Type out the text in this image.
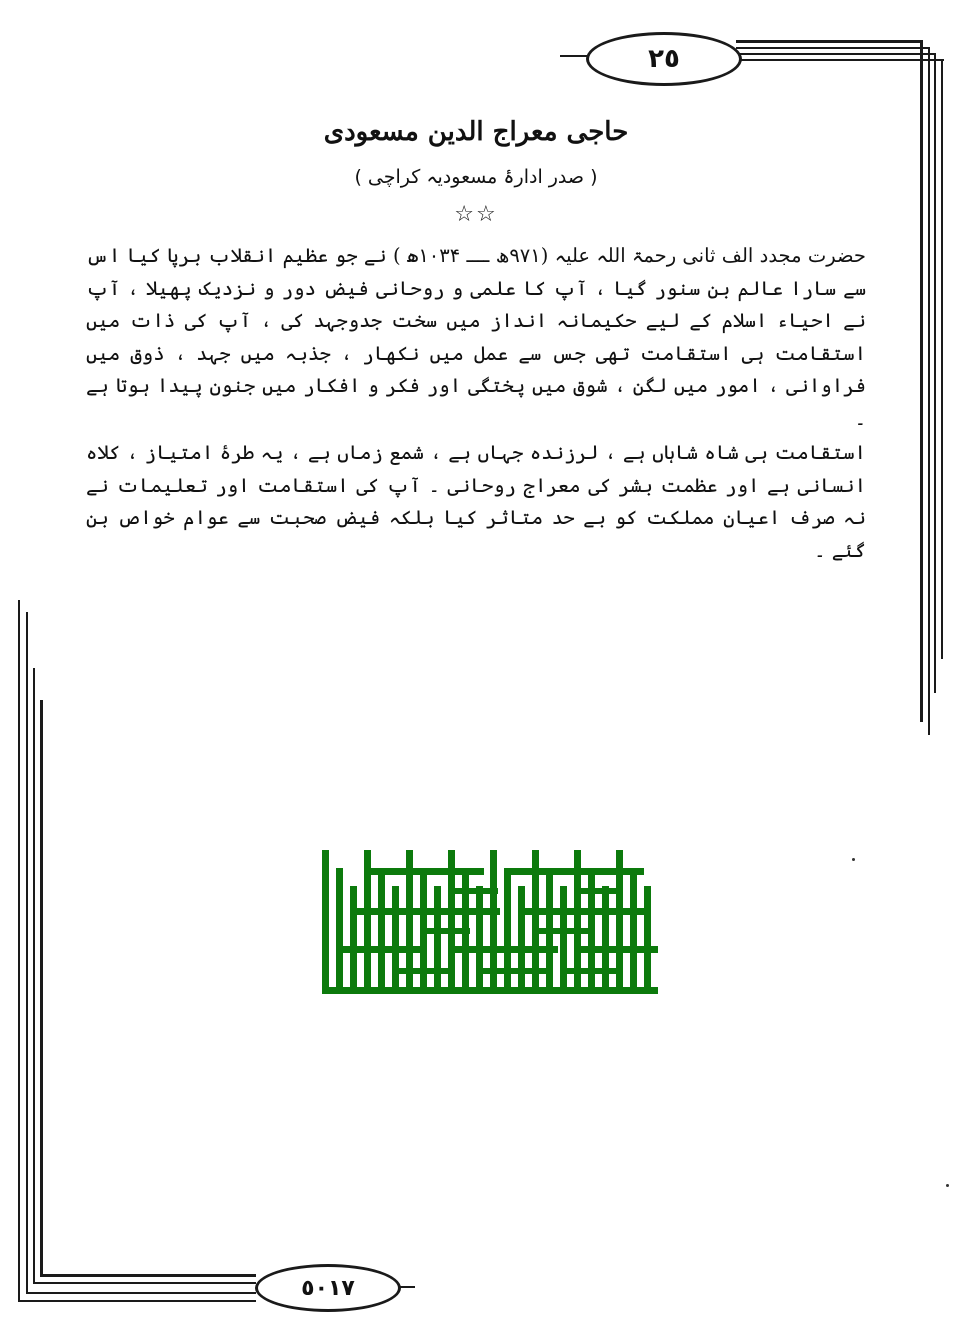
٢٥
٥٠١٧
حاجی معراج الدین مسعودی

( صدر ادارۂ مسعودیہ کراچی )

☆☆

حضرت مجدد الف ثانی رحمۃ اللہ علیہ (۹۷۱ھ ــــ ۱۰۳۴ھ ) نے جو عظیم انقلاب برپا کیا اس سے سارا عالم بن سنور گیا ، آپ کا علمی و روحانی فیض دور و نزدیک پھیلا ، آپ نے احیاء اسلام کے لیے حکیمانہ انداز میں سخت جدوجہد کی ، آپ کی ذات میں استقامت ہی استقامت تھی جس سے عمل میں نکھار ، جذبہ میں جہد ، ذوق میں فراوانی ، امور میں لگن ، شوق میں پختگی اور فکر و افکار میں جنون پیدا ہوتا ہے ۔

استقامت ہی شاہ شاہاں ہے ، لرزندہ جہاں ہے ، شمع زماں ہے ، یہ طرۂ امتیاز ، کلاہ انسانی ہے اور عظمت بشر کی معراج روحانی ۔ آپ کی استقامت اور تعلیمات نے نہ صرف اعیان مملکت کو بے حد متاثر کیا بلکہ فیض صحبت سے عوام خواص بن گئے ۔
